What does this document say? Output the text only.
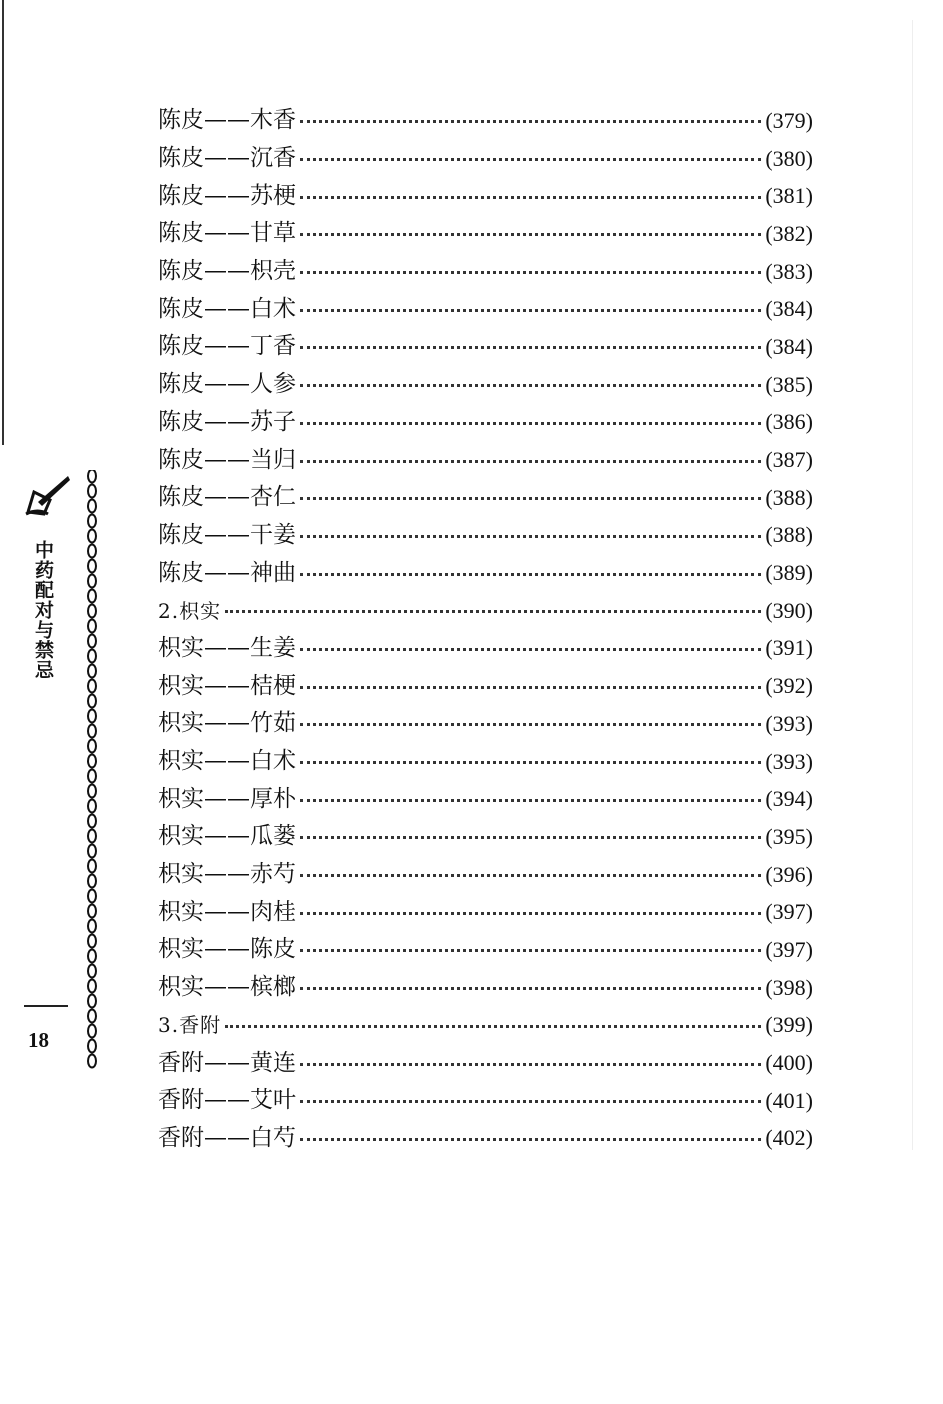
中药配对与禁忌
18
陈皮——木香	(379)
陈皮——沉香	(380)
陈皮——苏梗	(381)
陈皮——甘草	(382)
陈皮——枳壳	(383)
陈皮——白术	(384)
陈皮——丁香	(384)
陈皮——人参	(385)
陈皮——苏子	(386)
陈皮——当归	(387)
陈皮——杏仁	(388)
陈皮——干姜	(388)
陈皮——神曲	(389)
2.枳实	(390)
枳实——生姜	(391)
枳实——桔梗	(392)
枳实——竹茹	(393)
枳实——白术	(393)
枳实——厚朴	(394)
枳实——瓜蒌	(395)
枳实——赤芍	(396)
枳实——肉桂	(397)
枳实——陈皮	(397)
枳实——槟榔	(398)
3.香附	(399)
香附——黄连	(400)
香附——艾叶	(401)
香附——白芍	(402)
